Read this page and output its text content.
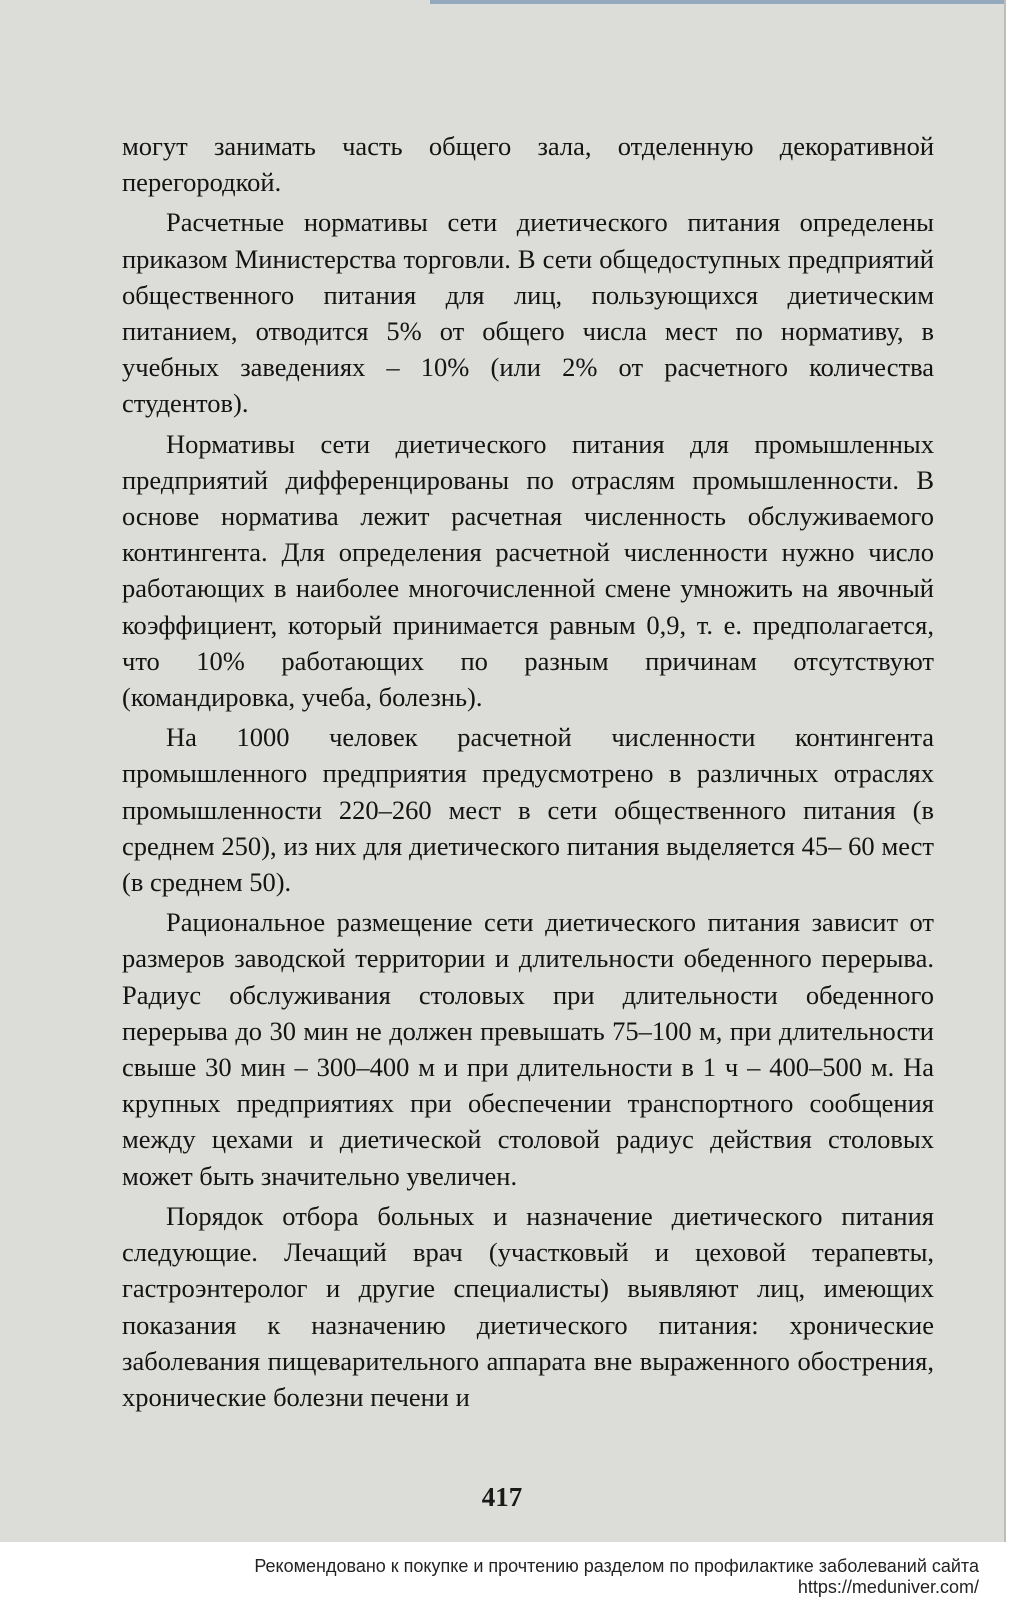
могут занимать часть общего зала, отделенную декоративной перегородкой.

Расчетные нормативы сети диетического питания определены приказом Министерства торговли. В сети общедоступных предприятий общественного питания для лиц, пользующихся диетическим питанием, отводится 5% от общего числа мест по нормативу, в учебных заведениях – 10% (или 2% от расчетного количества студентов).

Нормативы сети диетического питания для промышленных предприятий дифференцированы по отраслям промышленности. В основе норматива лежит расчетная численность обслуживаемого контингента. Для определения расчетной численности нужно число работающих в наиболее многочисленной смене умножить на явочный коэффициент, который принимается равным 0,9, т. е. предполагается, что 10% работающих по разным причинам отсутствуют (командировка, учеба, болезнь).

На 1000 человек расчетной численности контингента промышленного предприятия предусмотрено в различных отраслях промышленности 220–260 мест в сети общественного питания (в среднем 250), из них для диетического питания выделяется 45– 60 мест (в среднем 50).

Рациональное размещение сети диетического питания зависит от размеров заводской территории и длительности обеденного перерыва. Радиус обслуживания столовых при длительности обеденного перерыва до 30 мин не должен превышать 75–100 м, при длительности свыше 30 мин – 300–400 м и при длительности в 1 ч – 400–500 м. На крупных предприятиях при обеспечении транспортного сообщения между цехами и диетической столовой радиус действия столовых может быть значительно увеличен.

Порядок отбора больных и назначение диетического питания следующие. Лечащий врач (участковый и цеховой терапевты, гастроэнтеролог и другие специалисты) выявляют лиц, имеющих показания к назначению диетического питания: хронические заболевания пищеварительного аппарата вне выраженного обострения, хронические болезни печени и

417
Рекомендовано к покупке и прочтению разделом по профилактике заболеваний сайта https://meduniver.com/
